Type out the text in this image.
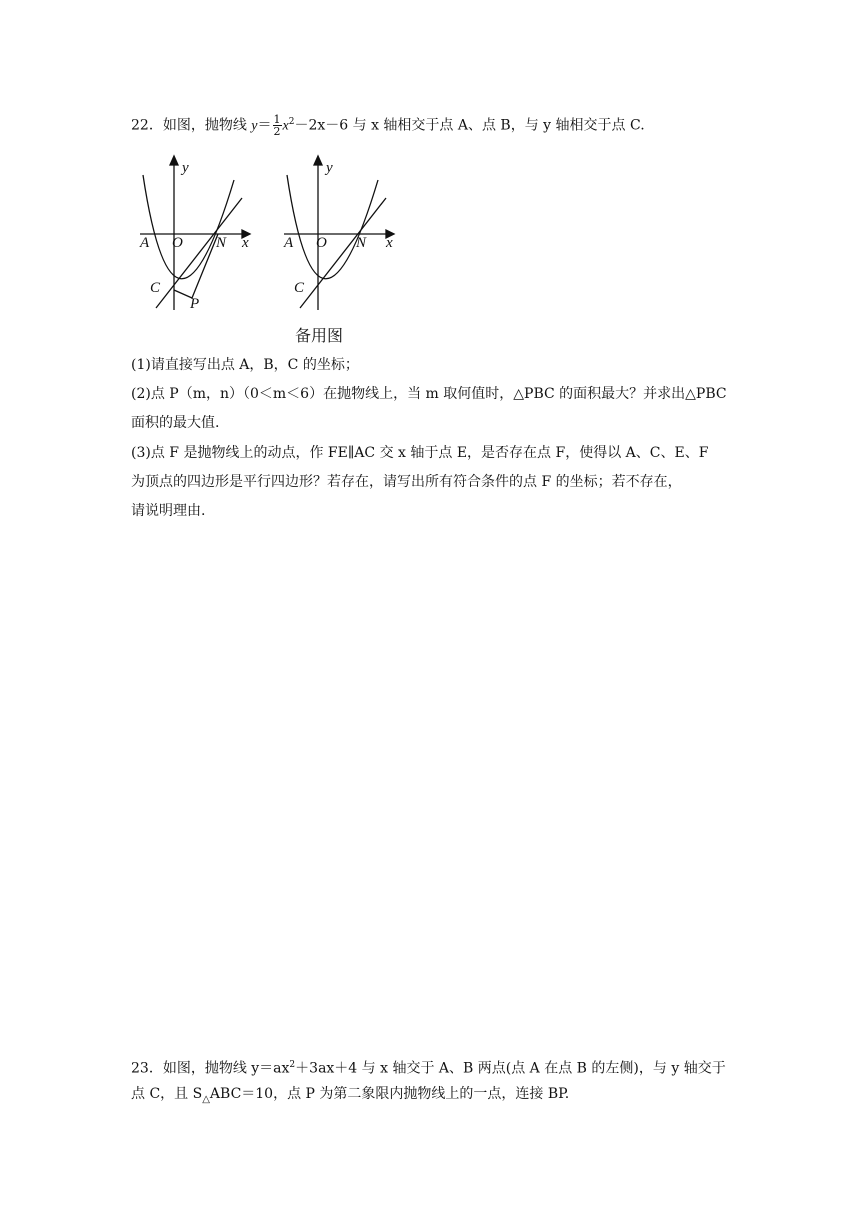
22．如图，抛物线 $y= \frac{1}{2} x^2-2x-6$ 与 x 轴相交于点 A、点 B，与 y 轴相交于点 C.
y
A O N x
C
P
y
A O N x
C
备用图
(1)请直接写出点 A，B，C 的坐标；
(2)点 P（m，n）（0＜m＜6）在抛物线上，当 m 取何值时，△PBC 的面积最大？并求出△PBC
面积的最大值.
(3)点 F 是抛物线上的动点，作 FE∥AC 交 x 轴于点 E，是否存在点 F，使得以 A、C、E、F
为顶点的四边形是平行四边形？若存在，请写出所有符合条件的点 F 的坐标；若不存在，
请说明理由.
23．如图，抛物线 $y=ax^2+3ax+4$ 与 x 轴交于 A、B 两点(点 A 在点 B 的左侧)，与 y 轴交于
点 C，且 $S_\triangle ABC=10$，点 P 为第二象限内抛物线上的一点，连接 BP.
